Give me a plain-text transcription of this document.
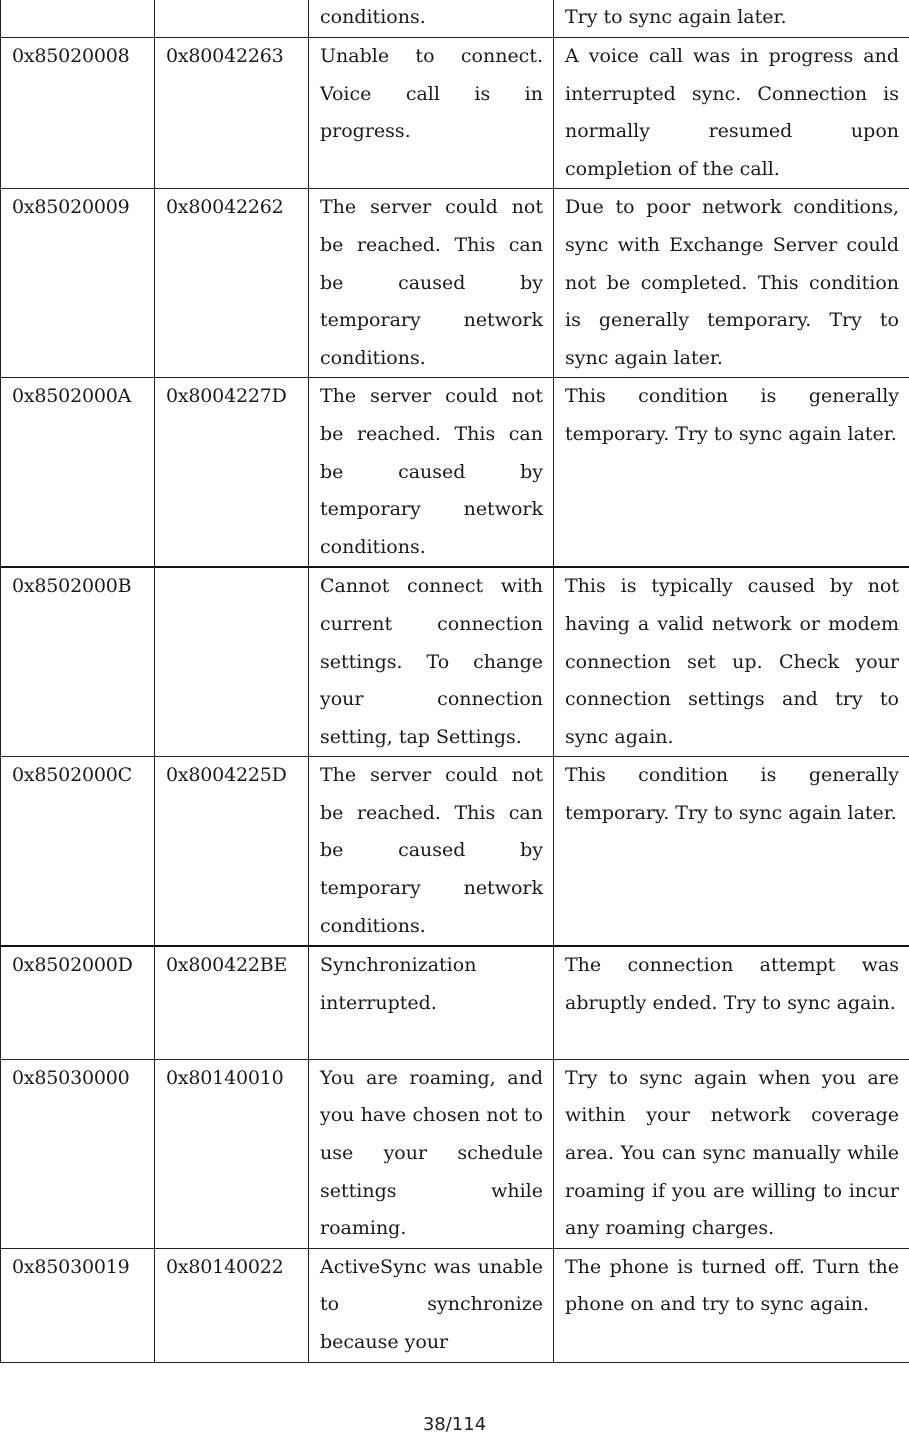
		conditions.	Try to sync again later.
0x85020008	0x80042263	Unable to connect. Voice call is in progress.	A voice call was in progress and interrupted sync. Connection is normally resumed upon completion of the call.
0x85020009	0x80042262	The server could not be reached. This can be caused by temporary network conditions.	Due to poor network conditions, sync with Exchange Server could not be completed. This condition is generally temporary. Try to sync again later.
0x8502000A	0x8004227D	The server could not be reached. This can be caused by temporary network conditions.	This condition is generally temporary. Try to sync again later.
0x8502000B		Cannot connect with current connection settings. To change your connection setting, tap Settings.	This is typically caused by not having a valid network or modem connection set up. Check your connection settings and try to sync again.
0x8502000C	0x8004225D	The server could not be reached. This can be caused by temporary network conditions.	This condition is generally temporary. Try to sync again later.
0x8502000D	0x800422BE	Synchronization interrupted.	The connection attempt was abruptly ended. Try to sync again.
0x85030000	0x80140010	You are roaming, and you have chosen not to use your schedule settings while roaming.	Try to sync again when you are within your network coverage area. You can sync manually while roaming if you are willing to incur any roaming charges.
0x85030019	0x80140022	ActiveSync was unable to synchronize because your	The phone is turned off. Turn the phone on and try to sync again.
38/114
